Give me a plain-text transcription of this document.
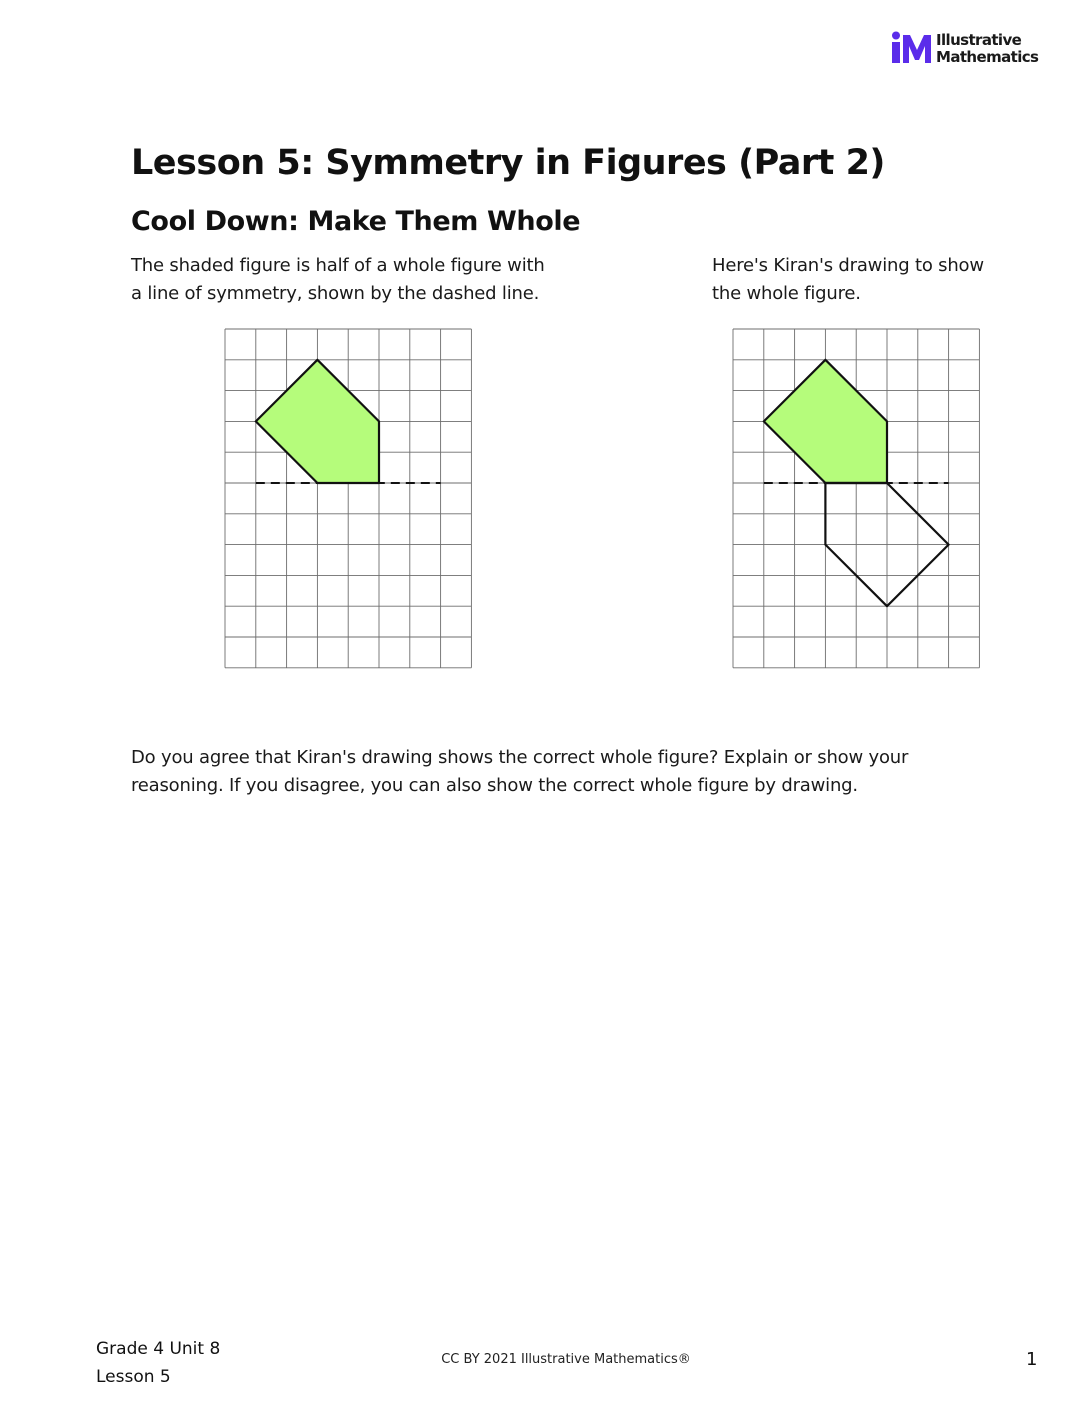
Illustrative
Mathematics
Lesson 5: Symmetry in Figures (Part 2)
Cool Down: Make Them Whole

The shaded figure is half of a whole figure with
a line of symmetry, shown by the dashed line.

Here's Kiran's drawing to show
the whole figure.

Do you agree that Kiran's drawing shows the correct whole figure? Explain or show your
reasoning. If you disagree, you can also show the correct whole figure by drawing.

Grade 4 Unit 8
Lesson 5
CC BY 2021 Illustrative Mathematics®	1
